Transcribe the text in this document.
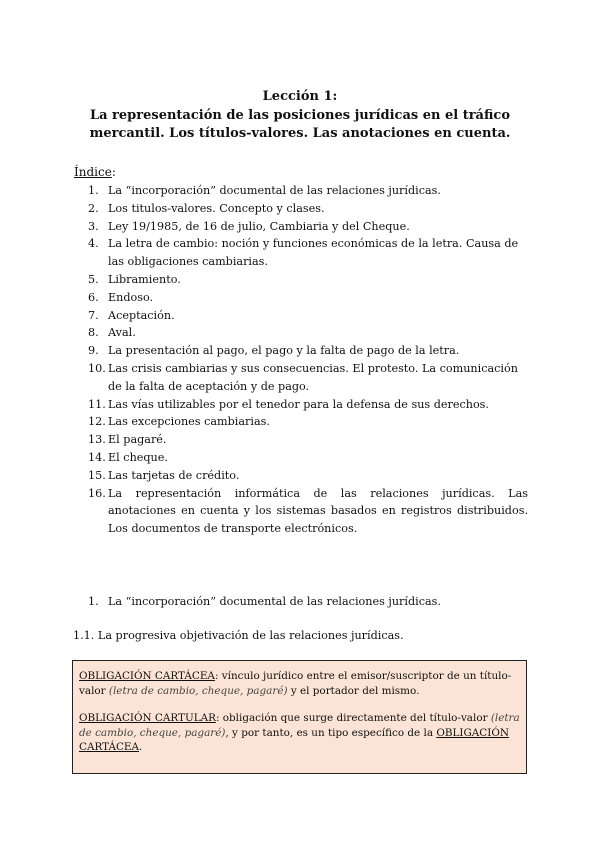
Lección 1:
La representación de las posiciones jurídicas en el tráfico
mercantil. Los títulos-valores. Las anotaciones en cuenta.
Índice:
1. La “incorporación” documental de las relaciones jurídicas.
2. Los titulos-valores. Concepto y clases.
3. Ley 19/1985, de 16 de julio, Cambiaria y del Cheque.
4. La letra de cambio: noción y funciones económicas de la letra. Causa de
las obligaciones cambiarias.
5. Libramiento.
6. Endoso.
7. Aceptación.
8. Aval.
9. La presentación al pago, el pago y la falta de pago de la letra.
10. Las crisis cambiarias y sus consecuencias. El protesto. La comunicación
de la falta de aceptación y de pago.
11. Las vías utilizables por el tenedor para la defensa de sus derechos.
12. Las excepciones cambiarias.
13. El pagaré.
14. El cheque.
15. Las tarjetas de crédito.
16. La representación informática de las relaciones jurídicas. Las
anotaciones en cuenta y los sistemas basados en registros distribuidos.
Los documentos de transporte electrónicos.
1. La “incorporación” documental de las relaciones jurídicas.
1.1. La progresiva objetivación de las relaciones jurídicas.

OBLIGACIÓN CARTÁCEA: vínculo jurídico entre el emisor/suscriptor de un título-valor (letra de cambio, cheque, pagaré) y el portador del mismo.

OBLIGACIÓN CARTULAR: obligación que surge directamente del título-valor (letra de cambio, cheque, pagaré), y por tanto, es un tipo específico de la OBLIGACIÓN CARTÁCEA.
